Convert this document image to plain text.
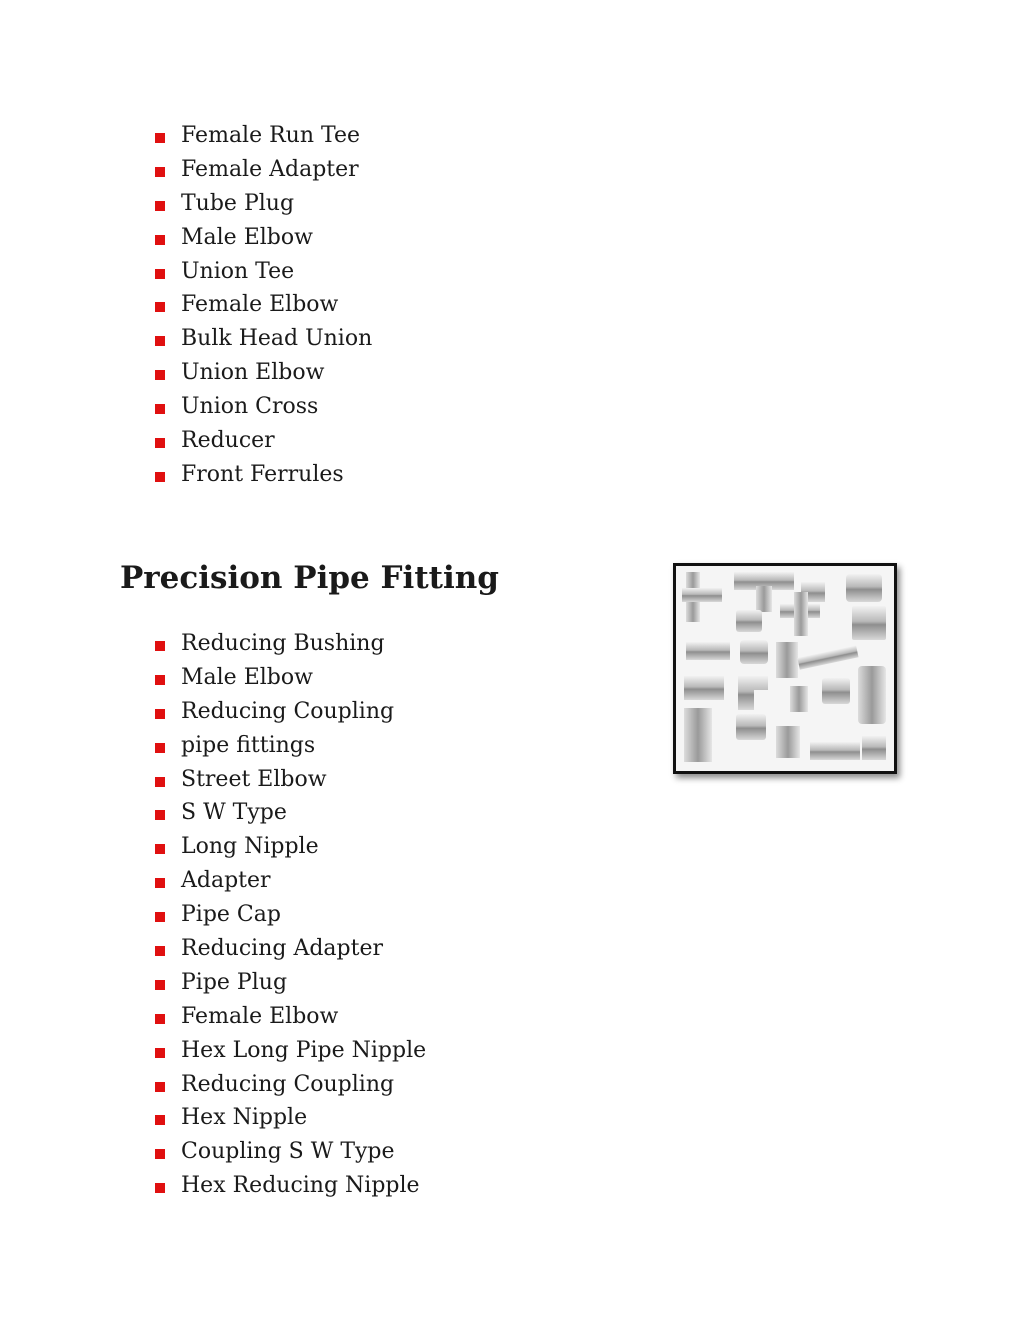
Female Run Tee
Female Adapter
Tube Plug
Male Elbow
Union Tee
Female Elbow
Bulk Head Union
Union Elbow
Union Cross
Reducer
Front Ferrules
Precision Pipe Fitting
Reducing Bushing
Male Elbow
Reducing Coupling
pipe fittings
Street Elbow
S W Type
Long Nipple
Adapter
Pipe Cap
Reducing Adapter
Pipe Plug
Female Elbow
Hex Long Pipe Nipple
Reducing Coupling
Hex Nipple
Coupling S W Type
Hex Reducing Nipple
